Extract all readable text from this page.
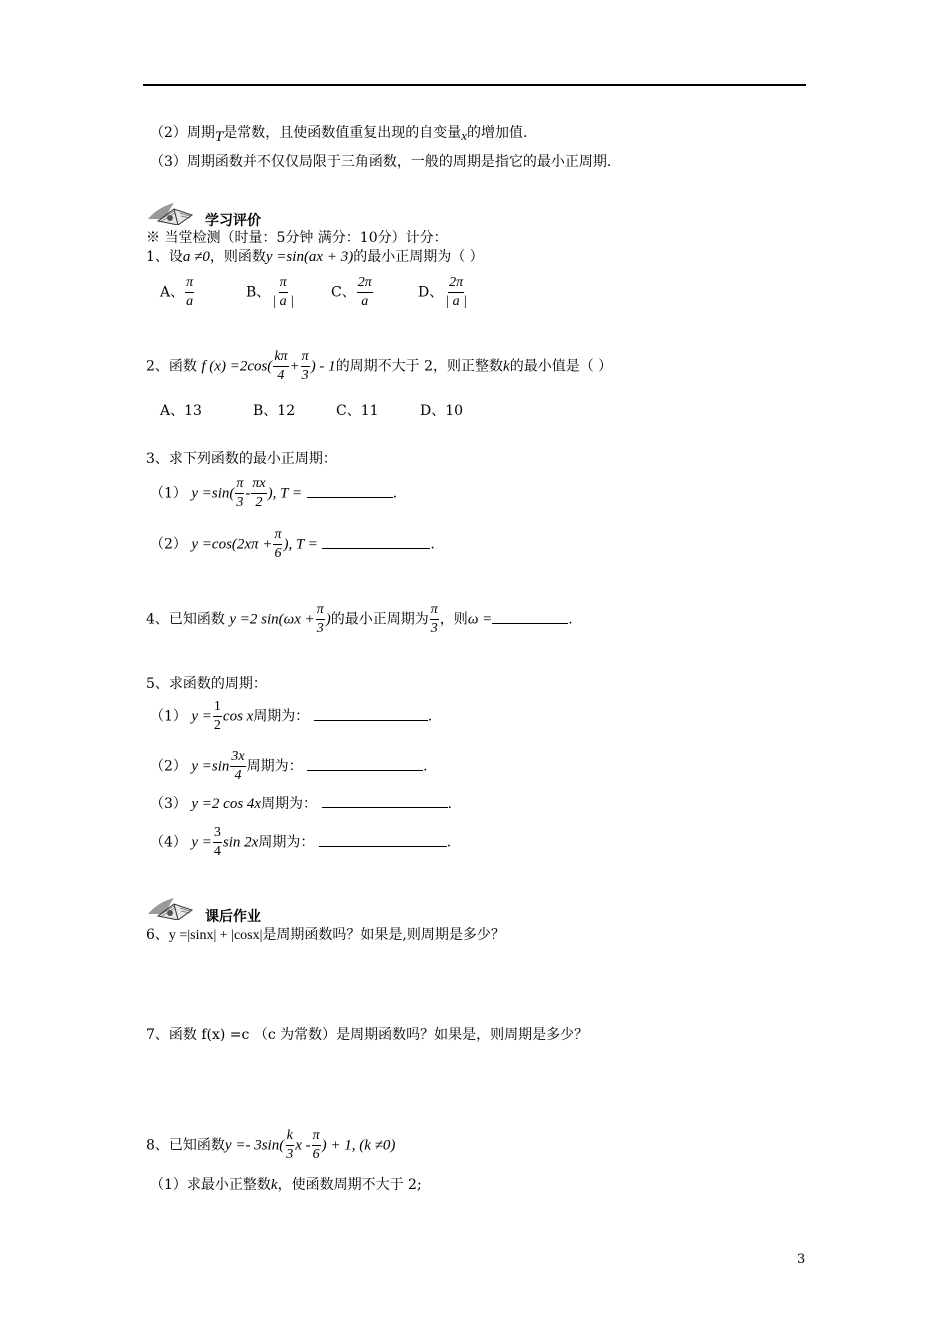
（2）周期T是常数，且使函数值重复出现的自变量x的增加值.
（3）周期函数并不仅仅局限于三角函数，一般的周期是指它的最小正周期.
学习评价
※ 当堂检测（时量：5分钟 满分：10分）计分：
1、设a ≠0，则函数y =sin(ax + 3)的最小正周期为（ ）
A、 $\frac{\pi}{a}$	B、 $\frac{\pi}{| a |}$	C、 $\frac{2\pi}{a}$	D、 $\frac{2\pi}{| a |}$
2、函数 f $(x) =2\cos( \frac{k\pi}{4} + \frac{\pi}{3}$ ) - 1的周期不大于 2，则正整数k的最小值是（ ）
A、13	B、12	C、11	D、10
3、求下列函数的最小正周期：
（1） $y =\sin( \frac{\pi}{3} - \frac{\pi x}{2}$ ), T =	.
（2） $y =\cos(2x\pi + \frac{\pi}{6}$ ), T =	.
4、已知函数 y =2 $\sin(\omega x + \frac{\pi}{3}$ )的最小正周期为 $\frac{\pi}{3}$ ，则ω =	.
5、求函数的周期：
（1） $y = \frac{1}{2}$ cos x周期为：	.
（2） $y =\sin \frac{3x}{4}$ 周期为：	.
（3） y =2 cos 4x周期为：	.
（4） $y = \frac{3}{4}$ sin 2x周期为：	.
课后作业
6、y =|sinx| + |cosx|是周期函数吗？如果是,则周期是多少？
7、函数 f(x) =c （c 为常数）是周期函数吗？如果是，则周期是多少？
8、已知函数$y =- 3\sin( \frac{k}{3}$ x - $\frac{\pi}{6}$ ) + 1, (k ≠0)
（1）求最小正整数k，使函数周期不大于 2;
3
